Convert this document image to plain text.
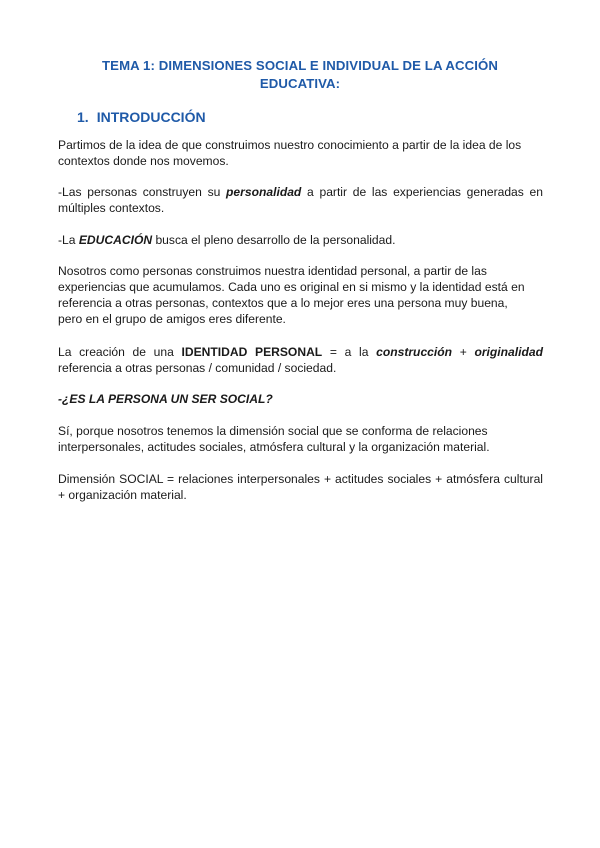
TEMA 1: DIMENSIONES SOCIAL E INDIVIDUAL DE LA ACCIÓN
EDUCATIVA:
1. INTRODUCCIÓN
Partimos de la idea de que construimos nuestro conocimiento a partir de la idea de los contextos donde nos movemos.
-Las personas construyen su personalidad a partir de las experiencias generadas en múltiples contextos.
-La EDUCACIÓN busca el pleno desarrollo de la personalidad.
Nosotros como personas construimos nuestra identidad personal, a partir de las
experiencias que acumulamos. Cada uno es original en si mismo y la identidad está en
referencia a otras personas, contextos que a lo mejor eres una persona muy buena,
pero en el grupo de amigos eres diferente.
La creación de una IDENTIDAD PERSONAL = a la construcción + originalidad referencia a otras personas / comunidad / sociedad.
-¿ES LA PERSONA UN SER SOCIAL?
Sí, porque nosotros tenemos la dimensión social que se conforma de relaciones
interpersonales, actitudes sociales, atmósfera cultural y la organización material.
Dimensión SOCIAL = relaciones interpersonales + actitudes sociales + atmósfera cultural + organización material.
